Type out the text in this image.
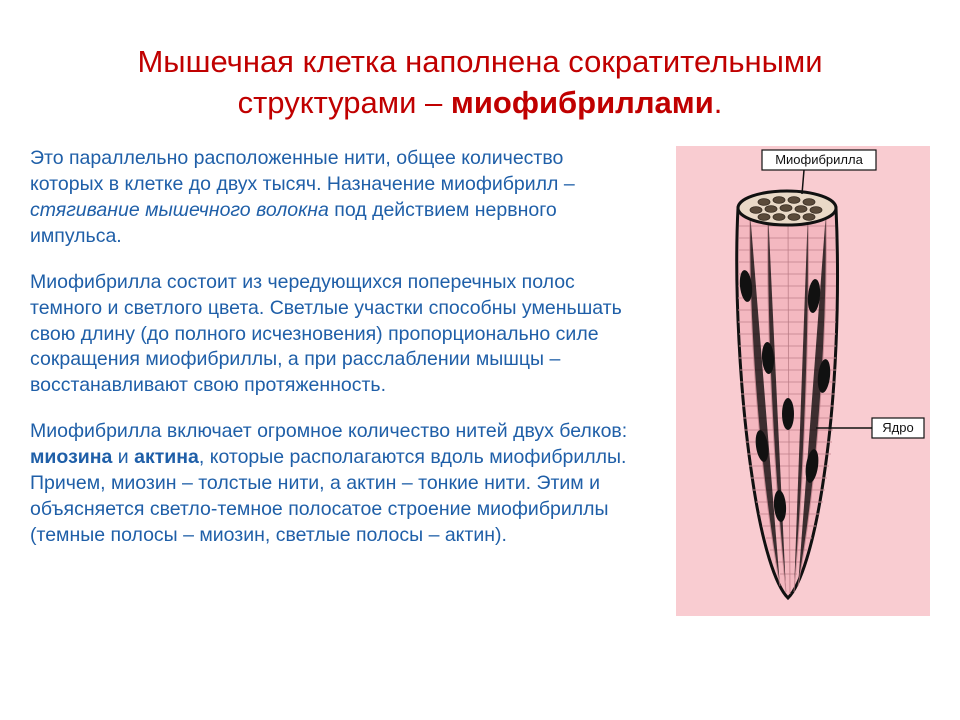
Мышечная клетка наполнена сократительными
структурами – миофибриллами.

Это параллельно расположенные нити, общее количество которых в клетке до двух тысяч. Назначение миофибрилл – стягивание мышечного волокна под действием нервного импульса.

Миофибрилла состоит из чередующихся поперечных полос темного и светлого цвета. Светлые участки способны уменьшать свою длину (до полного исчезновения) пропорционально силе сокращения миофибриллы, а при расслаблении мышцы – восстанавливают свою протяженность.

Миофибрилла включает огромное количество нитей двух белков: миозина и актина, которые располагаются вдоль миофибриллы. Причем, миозин – толстые нити, а актин – тонкие нити. Этим и объясняется светло-темное полосатое строение миофибриллы (темные полосы – миозин, светлые полосы – актин).

Миофибрилла
Ядро
